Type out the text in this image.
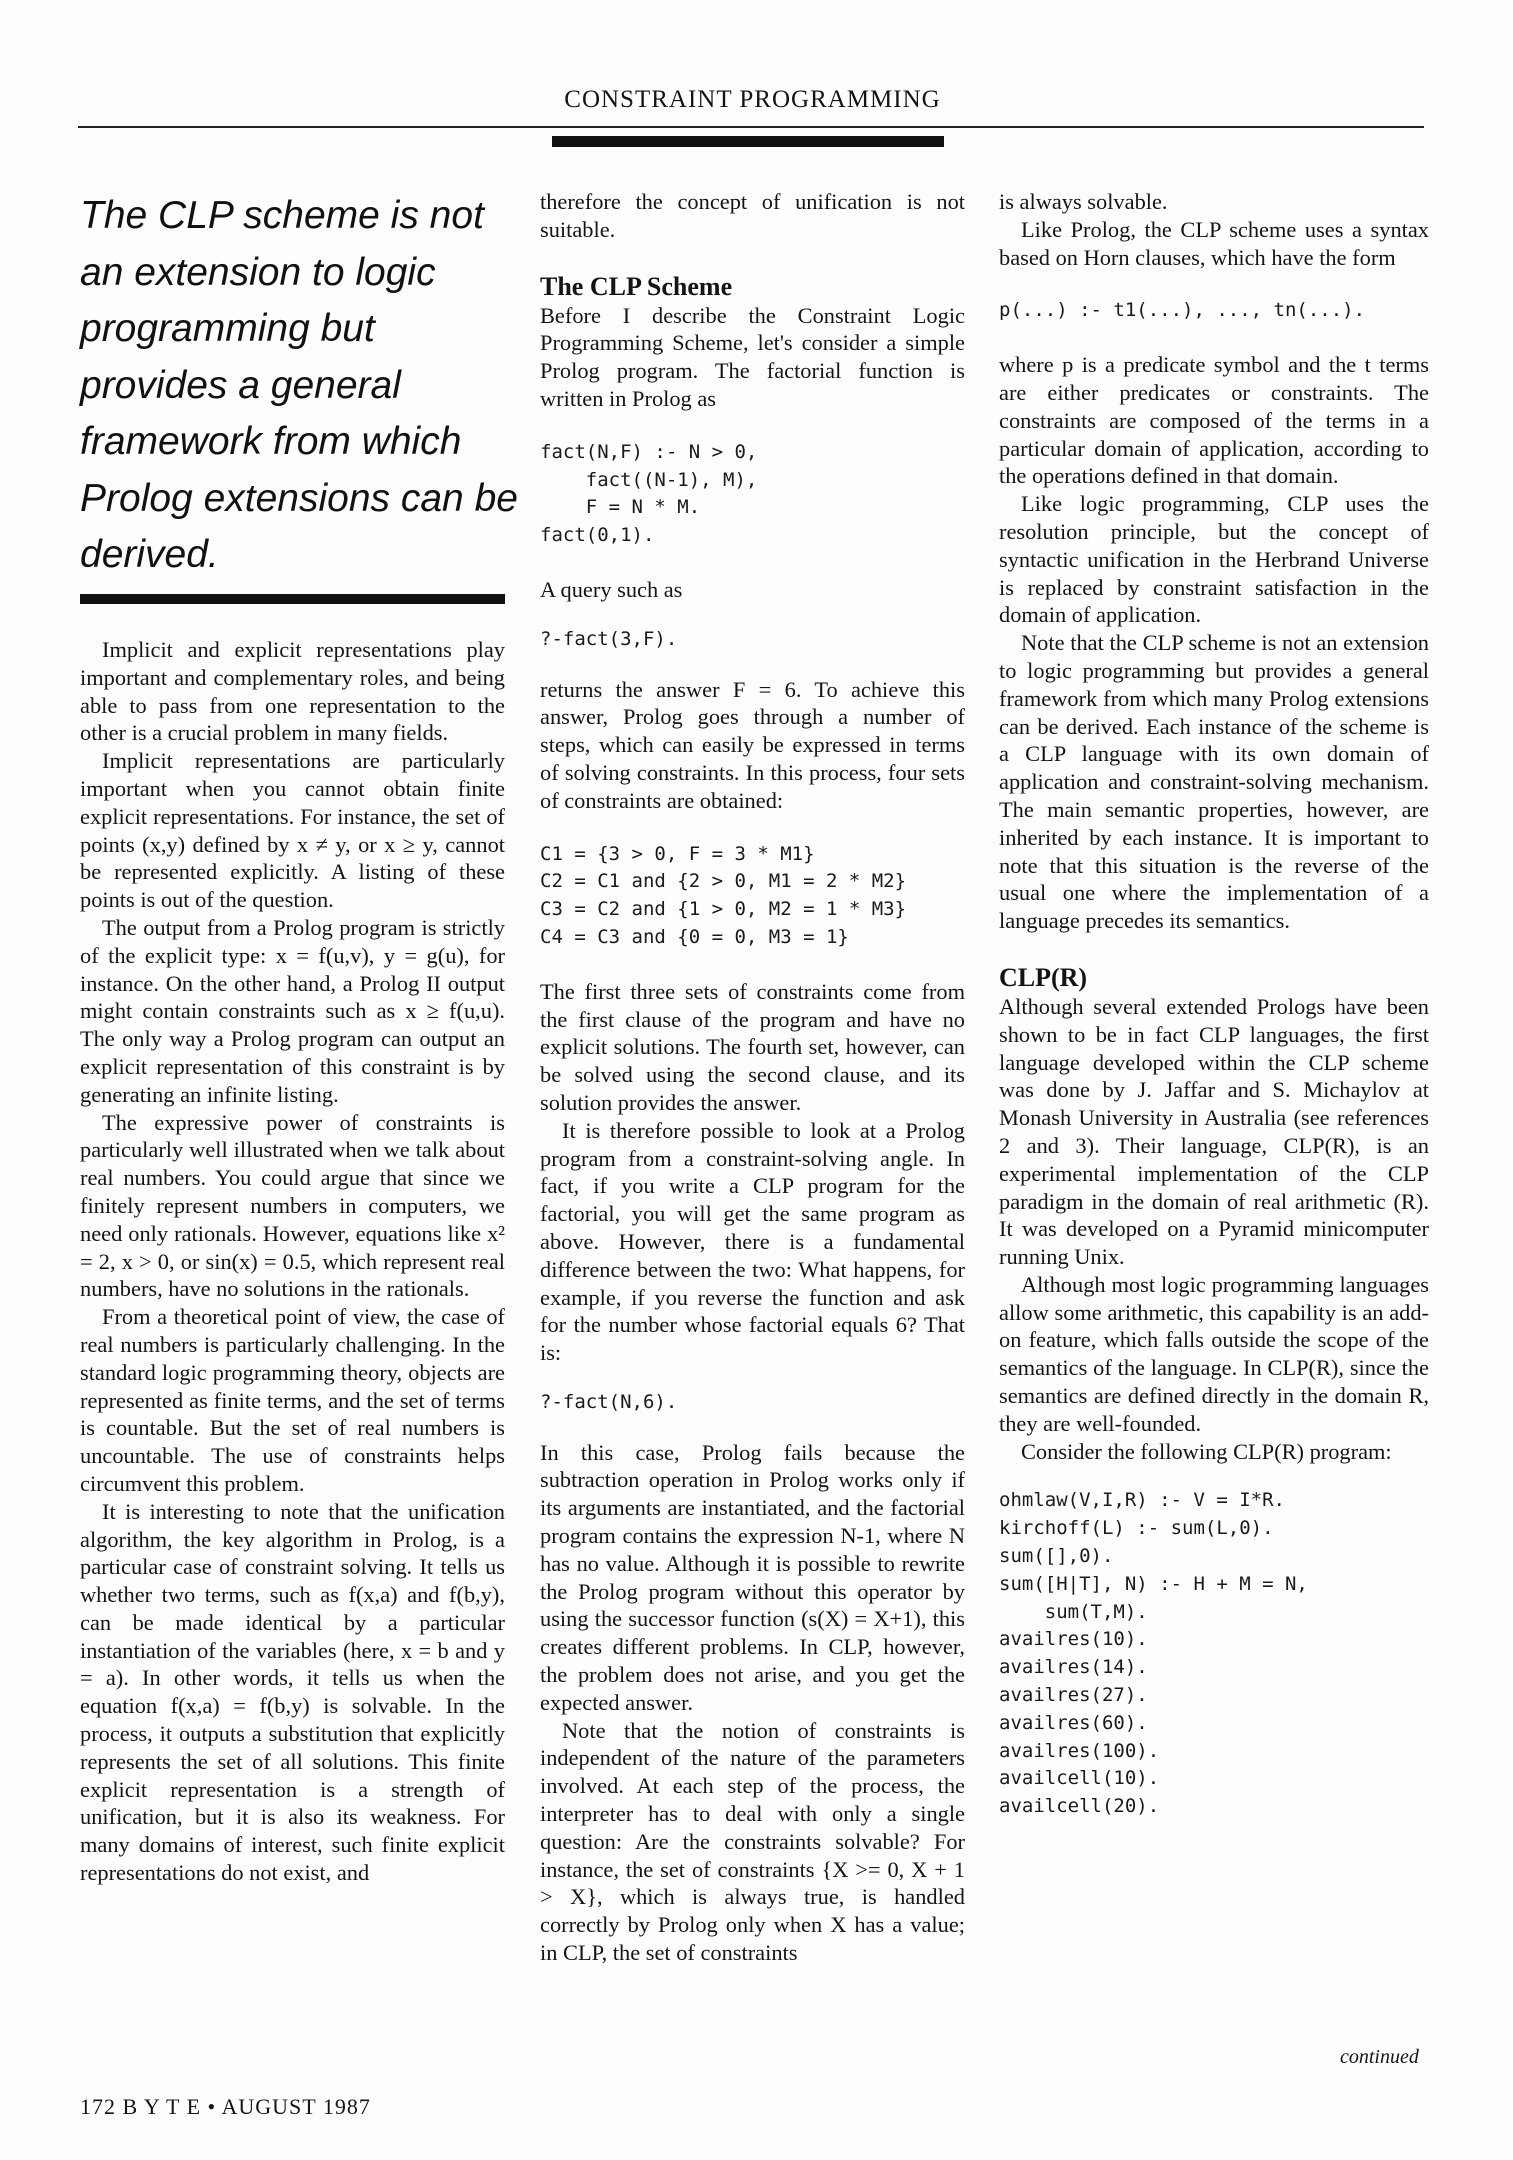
CONSTRAINT PROGRAMMING
The CLP scheme is not an extension to logic programming but provides a general framework from which Prolog extensions can be derived.

Implicit and explicit representations play important and complementary roles, and being able to pass from one representation to the other is a crucial problem in many fields.

Implicit representations are particularly important when you cannot obtain finite explicit representations. For instance, the set of points (x,y) defined by x ≠ y, or x ≥ y, cannot be represented explicitly. A listing of these points is out of the question.

The output from a Prolog program is strictly of the explicit type: x = f(u,v), y = g(u), for instance. On the other hand, a Prolog II output might contain constraints such as x ≥ f(u,u). The only way a Prolog program can output an explicit representation of this constraint is by generating an infinite listing.

The expressive power of constraints is particularly well illustrated when we talk about real numbers. You could argue that since we finitely represent numbers in computers, we need only rationals. However, equations like x² = 2, x > 0, or sin(x) = 0.5, which represent real numbers, have no solutions in the rationals.

From a theoretical point of view, the case of real numbers is particularly challenging. In the standard logic programming theory, objects are represented as finite terms, and the set of terms is countable. But the set of real numbers is uncountable. The use of constraints helps circumvent this problem.

It is interesting to note that the unification algorithm, the key algorithm in Prolog, is a particular case of constraint solving. It tells us whether two terms, such as f(x,a) and f(b,y), can be made identical by a particular instantiation of the variables (here, x = b and y = a). In other words, it tells us when the equation f(x,a) = f(b,y) is solvable. In the process, it outputs a substitution that explicitly represents the set of all solutions. This finite explicit representation is a strength of unification, but it is also its weakness. For many domains of interest, such finite explicit representations do not exist, and

therefore the concept of unification is not suitable.

The CLP Scheme

Before I describe the Constraint Logic Programming Scheme, let's consider a simple Prolog program. The factorial function is written in Prolog as

fact(N,F) :- N > 0,
fact((N-1), M),
F = N * M.
fact(0,1).

A query such as

?-fact(3,F).

returns the answer F = 6. To achieve this answer, Prolog goes through a number of steps, which can easily be expressed in terms of solving constraints. In this process, four sets of constraints are obtained:

C1 = {3 > 0, F = 3 * M1}
C2 = C1 and {2 > 0, M1 = 2 * M2}
C3 = C2 and {1 > 0, M2 = 1 * M3}
C4 = C3 and {0 = 0, M3 = 1}

The first three sets of constraints come from the first clause of the program and have no explicit solutions. The fourth set, however, can be solved using the second clause, and its solution provides the answer.

It is therefore possible to look at a Prolog program from a constraint-solving angle. In fact, if you write a CLP program for the factorial, you will get the same program as above. However, there is a fundamental difference between the two: What happens, for example, if you reverse the function and ask for the number whose factorial equals 6? That is:

?-fact(N,6).

In this case, Prolog fails because the subtraction operation in Prolog works only if its arguments are instantiated, and the factorial program contains the expression N-1, where N has no value. Although it is possible to rewrite the Prolog program without this operator by using the successor function (s(X) = X+1), this creates different problems. In CLP, however, the problem does not arise, and you get the expected answer.

Note that the notion of constraints is independent of the nature of the parameters involved. At each step of the process, the interpreter has to deal with only a single question: Are the constraints solvable? For instance, the set of constraints {X >= 0, X + 1 > X}, which is always true, is handled correctly by Prolog only when X has a value; in CLP, the set of constraints

is always solvable.

Like Prolog, the CLP scheme uses a syntax based on Horn clauses, which have the form

p(...) :- t1(...), ..., tn(...).

where p is a predicate symbol and the t terms are either predicates or constraints. The constraints are composed of the terms in a particular domain of application, according to the operations defined in that domain.

Like logic programming, CLP uses the resolution principle, but the concept of syntactic unification in the Herbrand Universe is replaced by constraint satisfaction in the domain of application.

Note that the CLP scheme is not an extension to logic programming but provides a general framework from which many Prolog extensions can be derived. Each instance of the scheme is a CLP language with its own domain of application and constraint-solving mechanism. The main semantic properties, however, are inherited by each instance. It is important to note that this situation is the reverse of the usual one where the implementation of a language precedes its semantics.

CLP(R)

Although several extended Prologs have been shown to be in fact CLP languages, the first language developed within the CLP scheme was done by J. Jaffar and S. Michaylov at Monash University in Australia (see references 2 and 3). Their language, CLP(R), is an experimental implementation of the CLP paradigm in the domain of real arithmetic (R). It was developed on a Pyramid minicomputer running Unix.

Although most logic programming languages allow some arithmetic, this capability is an add-on feature, which falls outside the scope of the semantics of the language. In CLP(R), since the semantics are defined directly in the domain R, they are well-founded.

Consider the following CLP(R) program:

ohmlaw(V,I,R) :- V = I*R.
kirchoff(L) :- sum(L,0).
sum([],0).
sum([H|T], N) :- H + M = N,
sum(T,M).
availres(10).
availres(14).
availres(27).
availres(60).
availres(100).
availcell(10).
availcell(20).
continued
172 B Y T E • AUGUST 1987
